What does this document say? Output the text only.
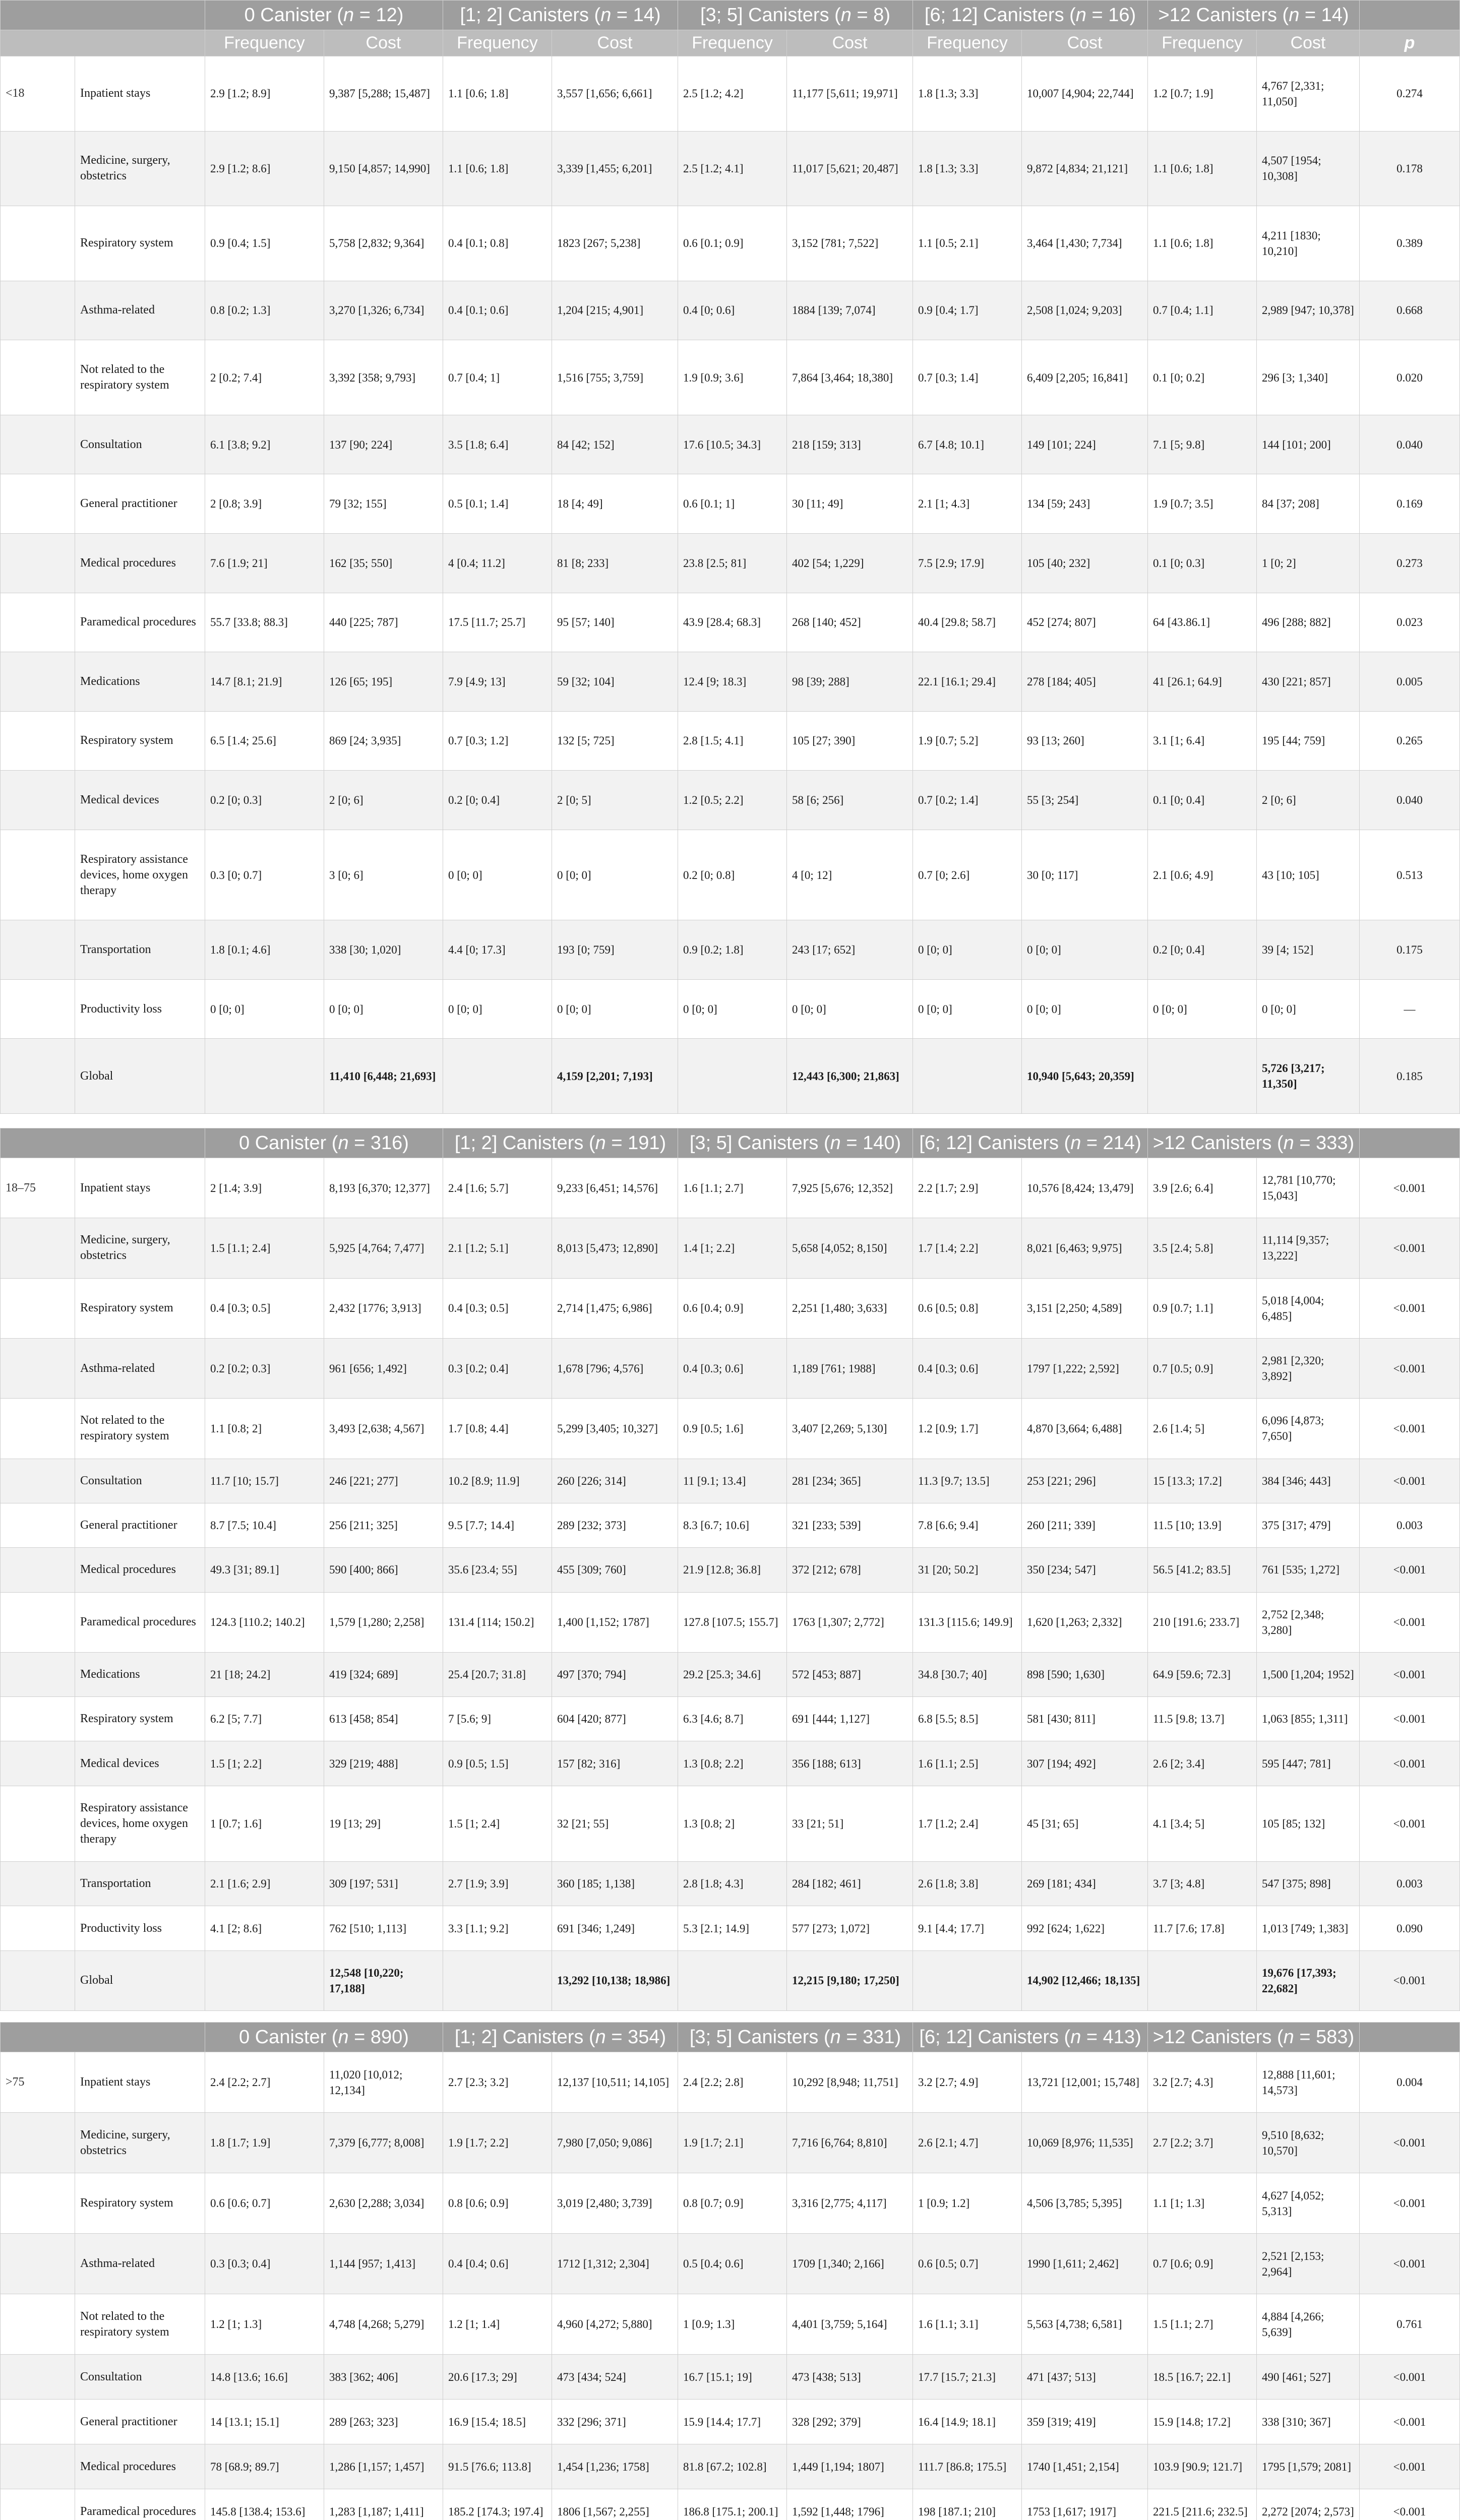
		0 Canister (n = 12)		[1; 2] Canisters (n = 14)		[3; 5] Canisters (n = 8)		[6; 12] Canisters (n = 16)		>12 Canisters (n = 14)		
		Frequency	Cost	Frequency	Cost	Frequency	Cost	Frequency	Cost	Frequency	Cost	p
<18	Inpatient stays	2.9 [1.2; 8.9]	9,387 [5,288; 15,487]	1.1 [0.6; 1.8]	3,557 [1,656; 6,661]	2.5 [1.2; 4.2]	11,177 [5,611; 19,971]	1.8 [1.3; 3.3]	10,007 [4,904; 22,744]	1.2 [0.7; 1.9]	4,767 [2,331; 11,050]	0.274
	Medicine, surgery, obstetrics	2.9 [1.2; 8.6]	9,150 [4,857; 14,990]	1.1 [0.6; 1.8]	3,339 [1,455; 6,201]	2.5 [1.2; 4.1]	11,017 [5,621; 20,487]	1.8 [1.3; 3.3]	9,872 [4,834; 21,121]	1.1 [0.6; 1.8]	4,507 [1954; 10,308]	0.178
	Respiratory system	0.9 [0.4; 1.5]	5,758 [2,832; 9,364]	0.4 [0.1; 0.8]	1823 [267; 5,238]	0.6 [0.1; 0.9]	3,152 [781; 7,522]	1.1 [0.5; 2.1]	3,464 [1,430; 7,734]	1.1 [0.6; 1.8]	4,211 [1830; 10,210]	0.389
	Asthma-related	0.8 [0.2; 1.3]	3,270 [1,326; 6,734]	0.4 [0.1; 0.6]	1,204 [215; 4,901]	0.4 [0; 0.6]	1884 [139; 7,074]	0.9 [0.4; 1.7]	2,508 [1,024; 9,203]	0.7 [0.4; 1.1]	2,989 [947; 10,378]	0.668
	Not related to the respiratory system	2 [0.2; 7.4]	3,392 [358; 9,793]	0.7 [0.4; 1]	1,516 [755; 3,759]	1.9 [0.9; 3.6]	7,864 [3,464; 18,380]	0.7 [0.3; 1.4]	6,409 [2,205; 16,841]	0.1 [0; 0.2]	296 [3; 1,340]	0.020
	Consultation	6.1 [3.8; 9.2]	137 [90; 224]	3.5 [1.8; 6.4]	84 [42; 152]	17.6 [10.5; 34.3]	218 [159; 313]	6.7 [4.8; 10.1]	149 [101; 224]	7.1 [5; 9.8]	144 [101; 200]	0.040
	General practitioner	2 [0.8; 3.9]	79 [32; 155]	0.5 [0.1; 1.4]	18 [4; 49]	0.6 [0.1; 1]	30 [11; 49]	2.1 [1; 4.3]	134 [59; 243]	1.9 [0.7; 3.5]	84 [37; 208]	0.169
	Medical procedures	7.6 [1.9; 21]	162 [35; 550]	4 [0.4; 11.2]	81 [8; 233]	23.8 [2.5; 81]	402 [54; 1,229]	7.5 [2.9; 17.9]	105 [40; 232]	0.1 [0; 0.3]	1 [0; 2]	0.273
	Paramedical procedures	55.7 [33.8; 88.3]	440 [225; 787]	17.5 [11.7; 25.7]	95 [57; 140]	43.9 [28.4; 68.3]	268 [140; 452]	40.4 [29.8; 58.7]	452 [274; 807]	64 [43.86.1]	496 [288; 882]	0.023
	Medications	14.7 [8.1; 21.9]	126 [65; 195]	7.9 [4.9; 13]	59 [32; 104]	12.4 [9; 18.3]	98 [39; 288]	22.1 [16.1; 29.4]	278 [184; 405]	41 [26.1; 64.9]	430 [221; 857]	0.005
	Respiratory system	6.5 [1.4; 25.6]	869 [24; 3,935]	0.7 [0.3; 1.2]	132 [5; 725]	2.8 [1.5; 4.1]	105 [27; 390]	1.9 [0.7; 5.2]	93 [13; 260]	3.1 [1; 6.4]	195 [44; 759]	0.265
	Medical devices	0.2 [0; 0.3]	2 [0; 6]	0.2 [0; 0.4]	2 [0; 5]	1.2 [0.5; 2.2]	58 [6; 256]	0.7 [0.2; 1.4]	55 [3; 254]	0.1 [0; 0.4]	2 [0; 6]	0.040
	Respiratory assistance devices, home oxygen therapy	0.3 [0; 0.7]	3 [0; 6]	0 [0; 0]	0 [0; 0]	0.2 [0; 0.8]	4 [0; 12]	0.7 [0; 2.6]	30 [0; 117]	2.1 [0.6; 4.9]	43 [10; 105]	0.513
	Transportation	1.8 [0.1; 4.6]	338 [30; 1,020]	4.4 [0; 17.3]	193 [0; 759]	0.9 [0.2; 1.8]	243 [17; 652]	0 [0; 0]	0 [0; 0]	0.2 [0; 0.4]	39 [4; 152]	0.175
	Productivity loss	0 [0; 0]	0 [0; 0]	0 [0; 0]	0 [0; 0]	0 [0; 0]	0 [0; 0]	0 [0; 0]	0 [0; 0]	0 [0; 0]	0 [0; 0]	—
	Global		11,410 [6,448; 21,693]		4,159 [2,201; 7,193]		12,443 [6,300; 21,863]		10,940 [5,643; 20,359]		5,726 [3,217; 11,350]	0.185
		0 Canister (n = 316)		[1; 2] Canisters (n = 191)		[3; 5] Canisters (n = 140)		[6; 12] Canisters (n = 214)		>12 Canisters (n = 333)		
18–75	Inpatient stays	2 [1.4; 3.9]	8,193 [6,370; 12,377]	2.4 [1.6; 5.7]	9,233 [6,451; 14,576]	1.6 [1.1; 2.7]	7,925 [5,676; 12,352]	2.2 [1.7; 2.9]	10,576 [8,424; 13,479]	3.9 [2.6; 6.4]	12,781 [10,770; 15,043]	<0.001
	Medicine, surgery, obstetrics	1.5 [1.1; 2.4]	5,925 [4,764; 7,477]	2.1 [1.2; 5.1]	8,013 [5,473; 12,890]	1.4 [1; 2.2]	5,658 [4,052; 8,150]	1.7 [1.4; 2.2]	8,021 [6,463; 9,975]	3.5 [2.4; 5.8]	11,114 [9,357; 13,222]	<0.001
	Respiratory system	0.4 [0.3; 0.5]	2,432 [1776; 3,913]	0.4 [0.3; 0.5]	2,714 [1,475; 6,986]	0.6 [0.4; 0.9]	2,251 [1,480; 3,633]	0.6 [0.5; 0.8]	3,151 [2,250; 4,589]	0.9 [0.7; 1.1]	5,018 [4,004; 6,485]	<0.001
	Asthma-related	0.2 [0.2; 0.3]	961 [656; 1,492]	0.3 [0.2; 0.4]	1,678 [796; 4,576]	0.4 [0.3; 0.6]	1,189 [761; 1988]	0.4 [0.3; 0.6]	1797 [1,222; 2,592]	0.7 [0.5; 0.9]	2,981 [2,320; 3,892]	<0.001
	Not related to the respiratory system	1.1 [0.8; 2]	3,493 [2,638; 4,567]	1.7 [0.8; 4.4]	5,299 [3,405; 10,327]	0.9 [0.5; 1.6]	3,407 [2,269; 5,130]	1.2 [0.9; 1.7]	4,870 [3,664; 6,488]	2.6 [1.4; 5]	6,096 [4,873; 7,650]	<0.001
	Consultation	11.7 [10; 15.7]	246 [221; 277]	10.2 [8.9; 11.9]	260 [226; 314]	11 [9.1; 13.4]	281 [234; 365]	11.3 [9.7; 13.5]	253 [221; 296]	15 [13.3; 17.2]	384 [346; 443]	<0.001
	General practitioner	8.7 [7.5; 10.4]	256 [211; 325]	9.5 [7.7; 14.4]	289 [232; 373]	8.3 [6.7; 10.6]	321 [233; 539]	7.8 [6.6; 9.4]	260 [211; 339]	11.5 [10; 13.9]	375 [317; 479]	0.003
	Medical procedures	49.3 [31; 89.1]	590 [400; 866]	35.6 [23.4; 55]	455 [309; 760]	21.9 [12.8; 36.8]	372 [212; 678]	31 [20; 50.2]	350 [234; 547]	56.5 [41.2; 83.5]	761 [535; 1,272]	<0.001
	Paramedical procedures	124.3 [110.2; 140.2]	1,579 [1,280; 2,258]	131.4 [114; 150.2]	1,400 [1,152; 1787]	127.8 [107.5; 155.7]	1763 [1,307; 2,772]	131.3 [115.6; 149.9]	1,620 [1,263; 2,332]	210 [191.6; 233.7]	2,752 [2,348; 3,280]	<0.001
	Medications	21 [18; 24.2]	419 [324; 689]	25.4 [20.7; 31.8]	497 [370; 794]	29.2 [25.3; 34.6]	572 [453; 887]	34.8 [30.7; 40]	898 [590; 1,630]	64.9 [59.6; 72.3]	1,500 [1,204; 1952]	<0.001
	Respiratory system	6.2 [5; 7.7]	613 [458; 854]	7 [5.6; 9]	604 [420; 877]	6.3 [4.6; 8.7]	691 [444; 1,127]	6.8 [5.5; 8.5]	581 [430; 811]	11.5 [9.8; 13.7]	1,063 [855; 1,311]	<0.001
	Medical devices	1.5 [1; 2.2]	329 [219; 488]	0.9 [0.5; 1.5]	157 [82; 316]	1.3 [0.8; 2.2]	356 [188; 613]	1.6 [1.1; 2.5]	307 [194; 492]	2.6 [2; 3.4]	595 [447; 781]	<0.001
	Respiratory assistance devices, home oxygen therapy	1 [0.7; 1.6]	19 [13; 29]	1.5 [1; 2.4]	32 [21; 55]	1.3 [0.8; 2]	33 [21; 51]	1.7 [1.2; 2.4]	45 [31; 65]	4.1 [3.4; 5]	105 [85; 132]	<0.001
	Transportation	2.1 [1.6; 2.9]	309 [197; 531]	2.7 [1.9; 3.9]	360 [185; 1,138]	2.8 [1.8; 4.3]	284 [182; 461]	2.6 [1.8; 3.8]	269 [181; 434]	3.7 [3; 4.8]	547 [375; 898]	0.003
	Productivity loss	4.1 [2; 8.6]	762 [510; 1,113]	3.3 [1.1; 9.2]	691 [346; 1,249]	5.3 [2.1; 14.9]	577 [273; 1,072]	9.1 [4.4; 17.7]	992 [624; 1,622]	11.7 [7.6; 17.8]	1,013 [749; 1,383]	0.090
	Global		12,548 [10,220; 17,188]		13,292 [10,138; 18,986]		12,215 [9,180; 17,250]		14,902 [12,466; 18,135]		19,676 [17,393; 22,682]	<0.001
		0 Canister (n = 890)		[1; 2] Canisters (n = 354)		[3; 5] Canisters (n = 331)		[6; 12] Canisters (n = 413)		>12 Canisters (n = 583)		
>75	Inpatient stays	2.4 [2.2; 2.7]	11,020 [10,012; 12,134]	2.7 [2.3; 3.2]	12,137 [10,511; 14,105]	2.4 [2.2; 2.8]	10,292 [8,948; 11,751]	3.2 [2.7; 4.9]	13,721 [12,001; 15,748]	3.2 [2.7; 4.3]	12,888 [11,601; 14,573]	0.004
	Medicine, surgery, obstetrics	1.8 [1.7; 1.9]	7,379 [6,777; 8,008]	1.9 [1.7; 2.2]	7,980 [7,050; 9,086]	1.9 [1.7; 2.1]	7,716 [6,764; 8,810]	2.6 [2.1; 4.7]	10,069 [8,976; 11,535]	2.7 [2.2; 3.7]	9,510 [8,632; 10,570]	<0.001
	Respiratory system	0.6 [0.6; 0.7]	2,630 [2,288; 3,034]	0.8 [0.6; 0.9]	3,019 [2,480; 3,739]	0.8 [0.7; 0.9]	3,316 [2,775; 4,117]	1 [0.9; 1.2]	4,506 [3,785; 5,395]	1.1 [1; 1.3]	4,627 [4,052; 5,313]	<0.001
	Asthma-related	0.3 [0.3; 0.4]	1,144 [957; 1,413]	0.4 [0.4; 0.6]	1712 [1,312; 2,304]	0.5 [0.4; 0.6]	1709 [1,340; 2,166]	0.6 [0.5; 0.7]	1990 [1,611; 2,462]	0.7 [0.6; 0.9]	2,521 [2,153; 2,964]	<0.001
	Not related to the respiratory system	1.2 [1; 1.3]	4,748 [4,268; 5,279]	1.2 [1; 1.4]	4,960 [4,272; 5,880]	1 [0.9; 1.3]	4,401 [3,759; 5,164]	1.6 [1.1; 3.1]	5,563 [4,738; 6,581]	1.5 [1.1; 2.7]	4,884 [4,266; 5,639]	0.761
	Consultation	14.8 [13.6; 16.6]	383 [362; 406]	20.6 [17.3; 29]	473 [434; 524]	16.7 [15.1; 19]	473 [438; 513]	17.7 [15.7; 21.3]	471 [437; 513]	18.5 [16.7; 22.1]	490 [461; 527]	<0.001
	General practitioner	14 [13.1; 15.1]	289 [263; 323]	16.9 [15.4; 18.5]	332 [296; 371]	15.9 [14.4; 17.7]	328 [292; 379]	16.4 [14.9; 18.1]	359 [319; 419]	15.9 [14.8; 17.2]	338 [310; 367]	<0.001
	Medical procedures	78 [68.9; 89.7]	1,286 [1,157; 1,457]	91.5 [76.6; 113.8]	1,454 [1,236; 1758]	81.8 [67.2; 102.8]	1,449 [1,194; 1807]	111.7 [86.8; 175.5]	1740 [1,451; 2,154]	103.9 [90.9; 121.7]	1795 [1,579; 2081]	<0.001
	Paramedical procedures	145.8 [138.4; 153.6]	1,283 [1,187; 1,411]	185.2 [174.3; 197.4]	1806 [1,567; 2,255]	186.8 [175.1; 200.1]	1,592 [1,448; 1796]	198 [187.1; 210]	1753 [1,617; 1917]	221.5 [211.6; 232.5]	2,272 [2074; 2,573]	<0.001
